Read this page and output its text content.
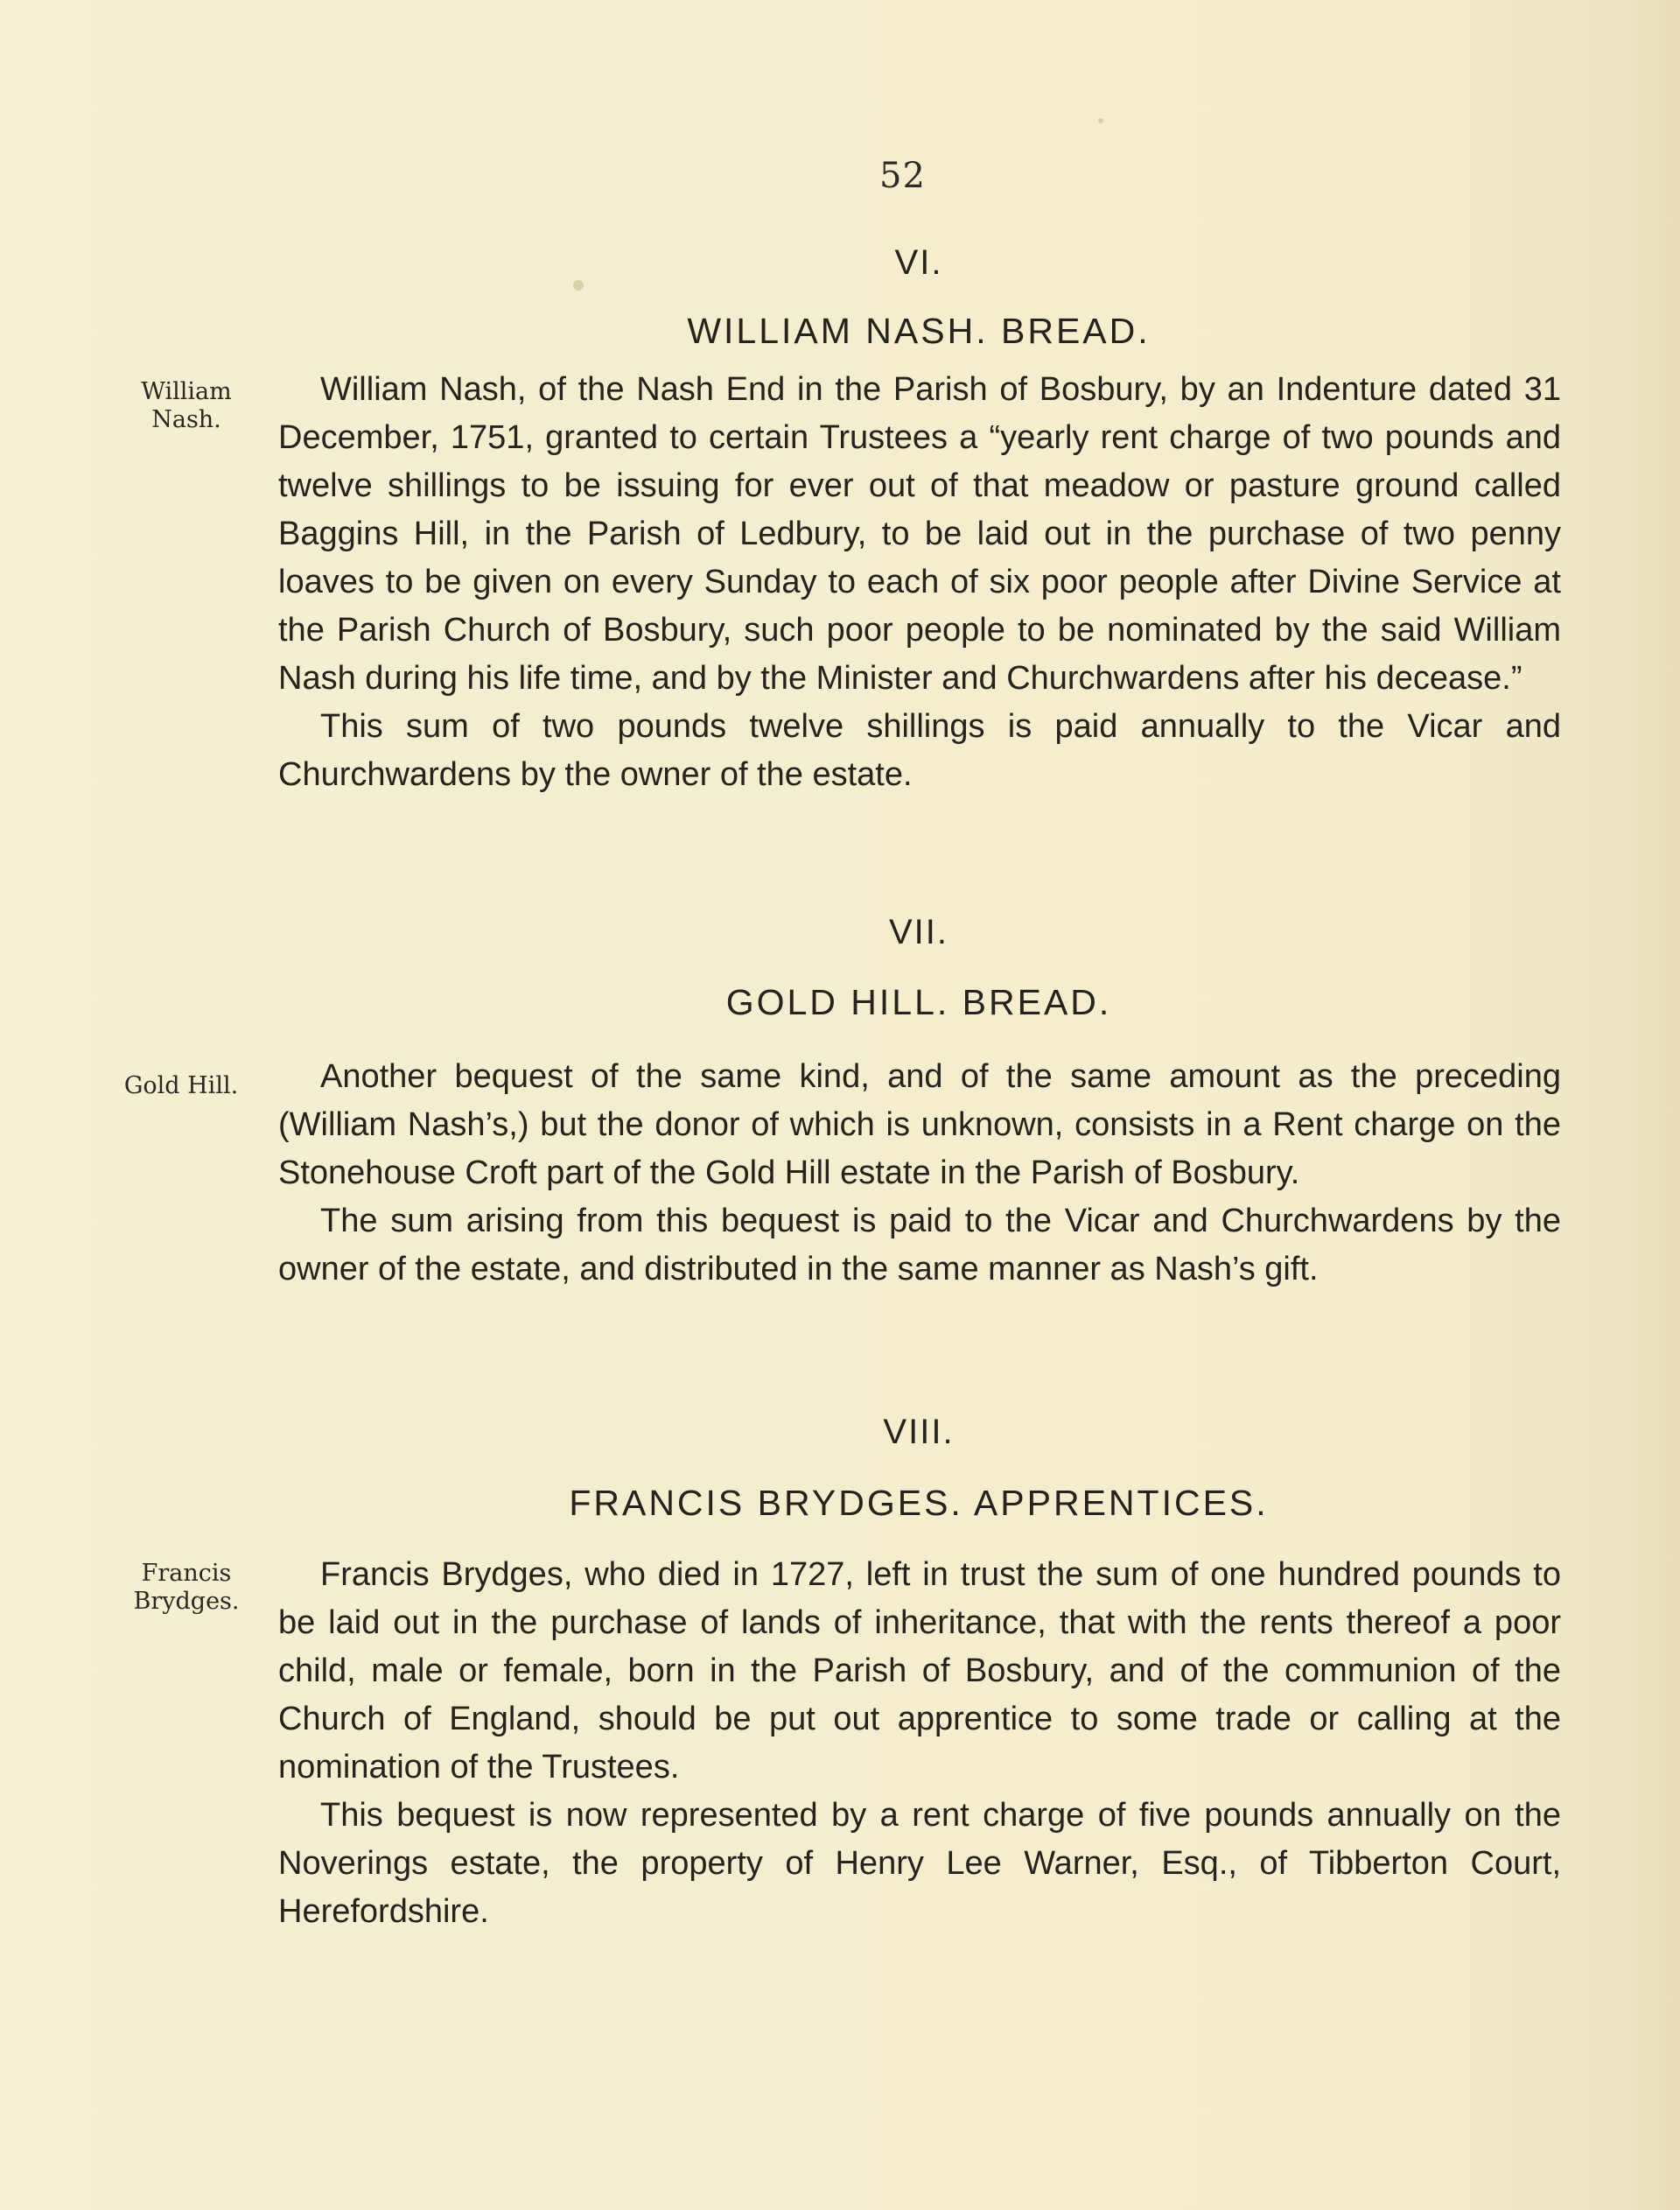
52
VI.
WILLIAM NASH. BREAD.
William
Nash.

William Nash, of the Nash End in the Parish of Bosbury, by an Indenture dated 31 December, 1751, granted to certain Trustees a “yearly rent charge of two pounds and twelve shillings to be issuing for ever out of that meadow or pasture ground called Baggins Hill, in the Parish of Ledbury, to be laid out in the purchase of two penny loaves to be given on every Sunday to each of six poor people after Divine Service at the Parish Church of Bosbury, such poor people to be nominated by the said William Nash during his life time, and by the Minister and Churchwardens after his decease.”

This sum of two pounds twelve shillings is paid annually to the Vicar and Churchwardens by the owner of the estate.

VII.
GOLD HILL. BREAD.
Gold Hill.	Another bequest of the same kind, and of the same amount as the preceding (William Nash’s,) but the donor of which is unknown, consists in a Rent charge on the Stonehouse Croft part of the Gold Hill estate in the Parish of Bosbury.

The sum arising from this bequest is paid to the Vicar and Churchwardens by the owner of the estate, and distributed in the same manner as Nash’s gift.

VIII.
FRANCIS BRYDGES. APPRENTICES.
Francis
Brydges.

Francis Brydges, who died in 1727, left in trust the sum of one hundred pounds to be laid out in the purchase of lands of inheritance, that with the rents thereof a poor child, male or female, born in the Parish of Bosbury, and of the communion of the Church of England, should be put out apprentice to some trade or calling at the nomination of the Trustees.

This bequest is now represented by a rent charge of five pounds annually on the Noverings estate, the property of Henry Lee Warner, Esq., of Tibberton Court, Herefordshire.
